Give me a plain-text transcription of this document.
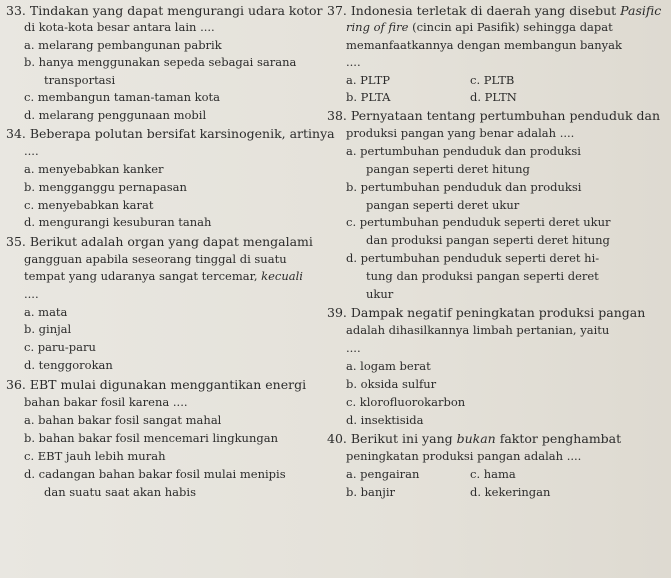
33. Tindakan yang dapat mengurangi udara kotor
di kota-kota besar antara lain ....
a. melarang pembangunan pabrik
b. hanya menggunakan sepeda sebagai sarana
transportasi
c. membangun taman-taman kota
d. melarang penggunaan mobil
34. Beberapa polutan bersifat karsinogenik, artinya
....
a. menyebabkan kanker
b. mengganggu pernapasan
c. menyebabkan karat
d. mengurangi kesuburan tanah
35. Berikut adalah organ yang dapat mengalami
gangguan apabila seseorang tinggal di suatu
tempat yang udaranya sangat tercemar, kecuali
....
a. mata
b. ginjal
c. paru-paru
d. tenggorokan
36. EBT mulai digunakan menggantikan energi
bahan bakar fosil karena ....
a. bahan bakar fosil sangat mahal
b. bahan bakar fosil mencemari lingkungan
c. EBT jauh lebih murah
d. cadangan bahan bakar fosil mulai menipis
dan suatu saat akan habis
37. Indonesia terletak di daerah yang disebut Pasific
ring of fire (cincin api Pasifik) sehingga dapat
memanfaatkannya dengan membangun banyak
....
a. PLTP	c. PLTB
b. PLTA	d. PLTN
38. Pernyataan tentang pertumbuhan penduduk dan
produksi pangan yang benar adalah ....
a. pertumbuhan penduduk dan produksi
pangan seperti deret hitung
b. pertumbuhan penduduk dan produksi
pangan seperti deret ukur
c. pertumbuhan penduduk seperti deret ukur
dan produksi pangan seperti deret hitung
d. pertumbuhan penduduk seperti deret hi-
tung dan produksi pangan seperti deret
ukur
39. Dampak negatif peningkatan produksi pangan
adalah dihasilkannya limbah pertanian, yaitu
....
a. logam berat
b. oksida sulfur
c. klorofluorokarbon
d. insektisida
40. Berikut ini yang bukan faktor penghambat
peningkatan produksi pangan adalah ....
a. pengairan	c. hama
b. banjir	d. kekeringan
